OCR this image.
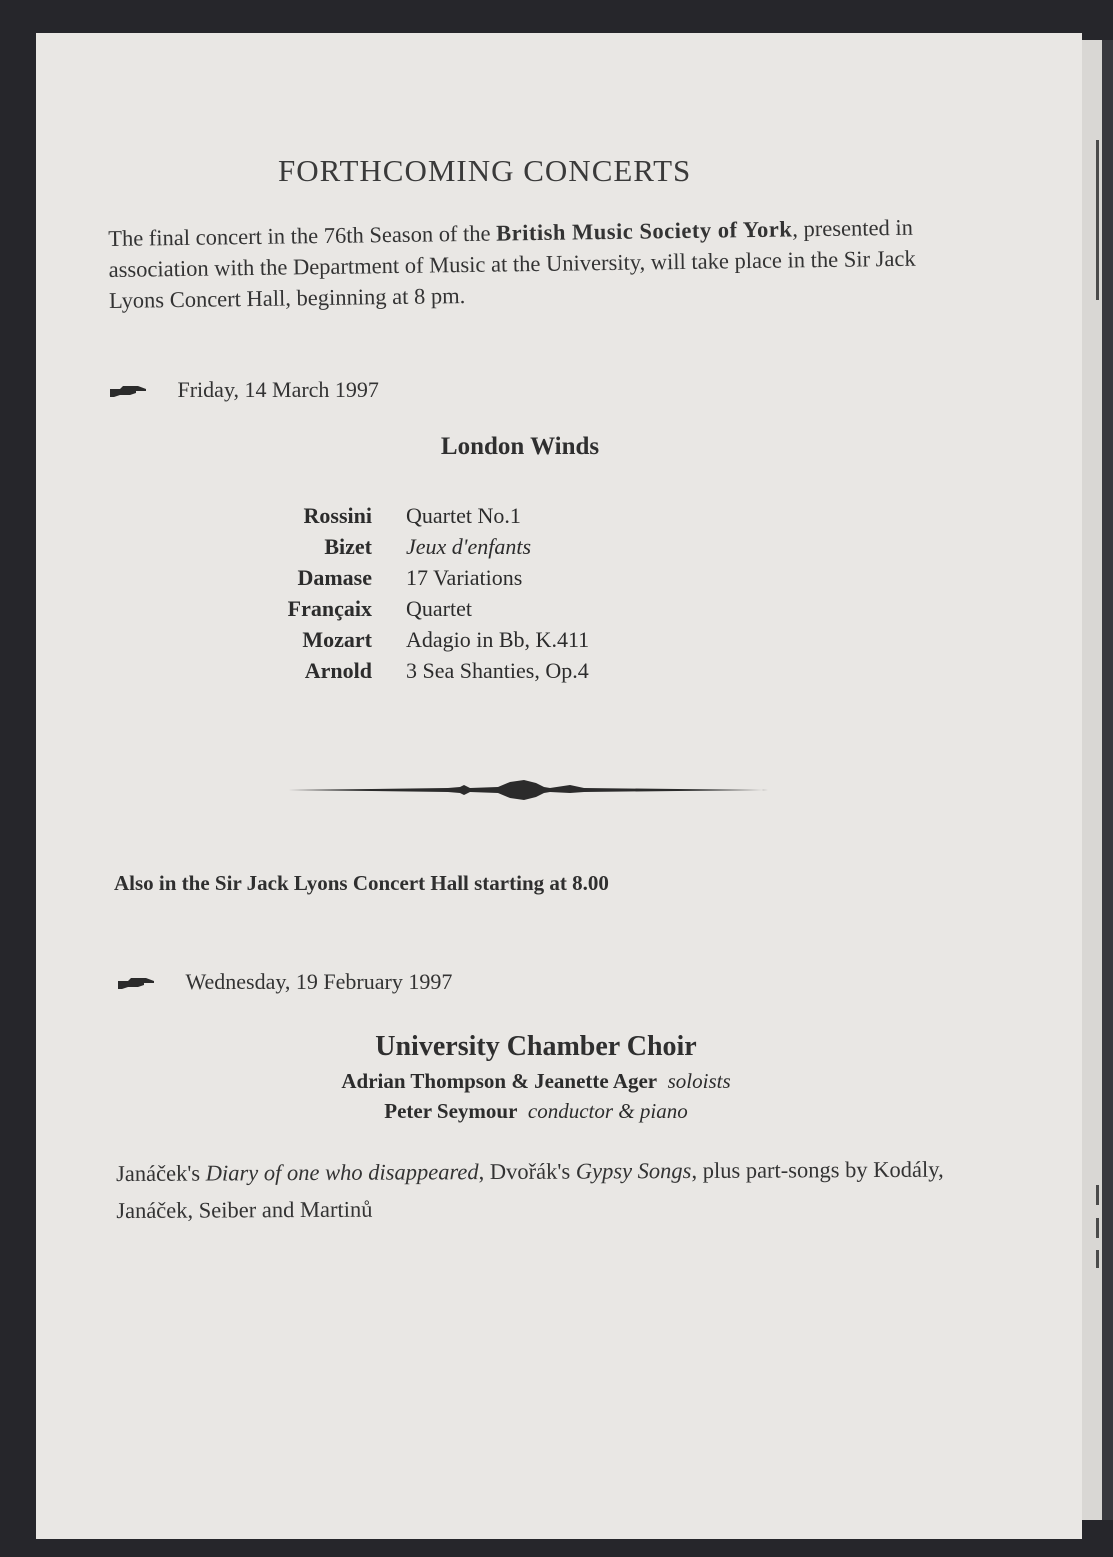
FORTHCOMING CONCERTS
The final concert in the 76th Season of the British Music Society of York, presented in association with the Department of Music at the University, will take place in the Sir Jack Lyons Concert Hall, beginning at 8 pm.
Friday, 14 March 1997
London Winds
Rossini Quartet No.1
Bizet Jeux d'enfants
Damase 17 Variations
Françaix Quartet
Mozart Adagio in Bb, K.411
Arnold 3 Sea Shanties, Op.4
Also in the Sir Jack Lyons Concert Hall starting at 8.00
Wednesday, 19 February 1997
University Chamber Choir
Adrian Thompson & Jeanette Ager soloists
Peter Seymour conductor & piano
Janáček's Diary of one who disappeared, Dvořák's Gypsy Songs, plus part-songs by Kodály, Janáček, Seiber and Martinů
